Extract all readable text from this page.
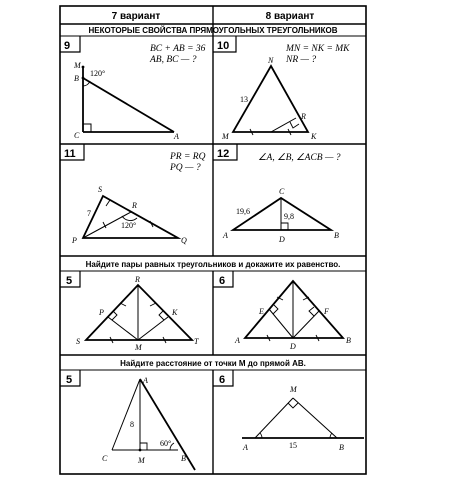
7 вариант	8 вариант
НЕКОТОРЫЕ СВОЙСТВА ПРЯМОУГОЛЬНЫХ ТРЕУГОЛЬНИКОВ
Найдите пары равных треугольников и докажите их равенство.
Найдите расстояние от точки M до прямой AB.
9	10
11	12
5	6
5	6
BC + AB = 36
AB, BC — ?
M
B
C	A
120°
MN = NK = MK
NR — ?
N
M	K
R
13
PR = RQ
PQ — ?
S
R
P	Q
7
120°
∠A, ∠B, ∠ACB — ?
C
A	D	B
19,6
9,8
R
P	K
S
M
T
E	F
A	B
D
A
C	M	B
8
60°
M
A	B
15
